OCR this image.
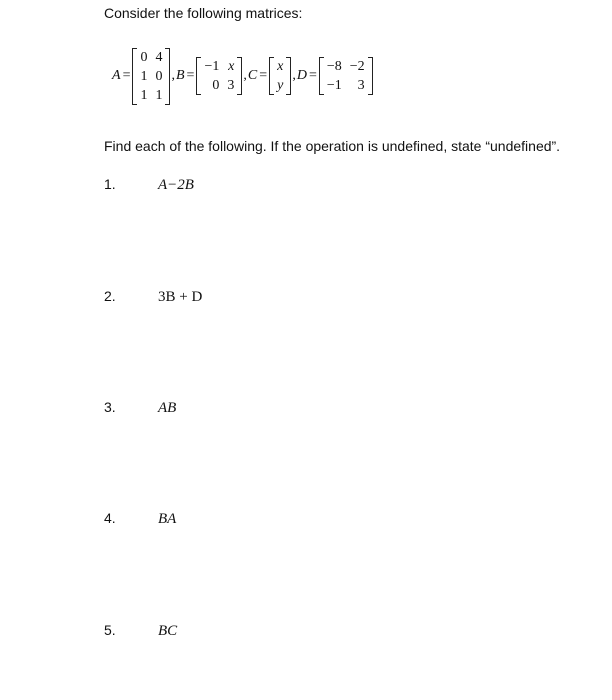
Consider the following matrices:
A =
0 4
1 0
1 1
, B =
−1 x
0 3
, C =
x
y
, D =
−8 −2
−1	3
Find each of the following. If the operation is undefined, state “undefined”.
1.	A−2B
2.	3B + D
3.	AB
4.	BA
5.	BC
